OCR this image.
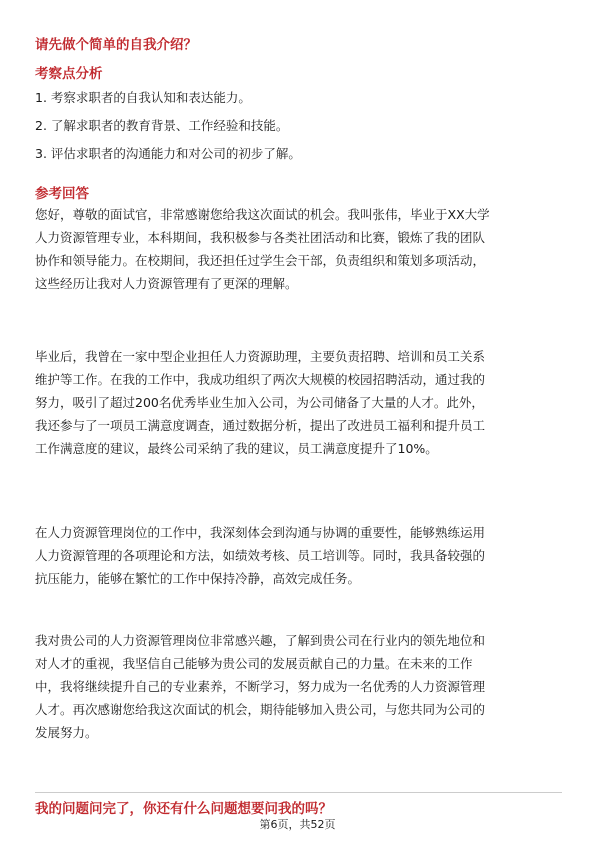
请先做个简单的自我介绍？
考察点分析
1. 考察求职者的自我认知和表达能力。
2. 了解求职者的教育背景、工作经验和技能。
3. 评估求职者的沟通能力和对公司的初步了解。
参考回答
您好，尊敬的面试官，非常感谢您给我这次面试的机会。我叫张伟，毕业于XX大学
人力资源管理专业，本科期间，我积极参与各类社团活动和比赛，锻炼了我的团队
协作和领导能力。在校期间，我还担任过学生会干部，负责组织和策划多项活动，
这些经历让我对人力资源管理有了更深的理解。
毕业后，我曾在一家中型企业担任人力资源助理，主要负责招聘、培训和员工关系
维护等工作。在我的工作中，我成功组织了两次大规模的校园招聘活动，通过我的
努力，吸引了超过200名优秀毕业生加入公司，为公司储备了大量的人才。此外，
我还参与了一项员工满意度调查，通过数据分析，提出了改进员工福利和提升员工
工作满意度的建议，最终公司采纳了我的建议，员工满意度提升了10%。
在人力资源管理岗位的工作中，我深刻体会到沟通与协调的重要性，能够熟练运用
人力资源管理的各项理论和方法，如绩效考核、员工培训等。同时，我具备较强的
抗压能力，能够在繁忙的工作中保持冷静，高效完成任务。
我对贵公司的人力资源管理岗位非常感兴趣，了解到贵公司在行业内的领先地位和
对人才的重视，我坚信自己能够为贵公司的发展贡献自己的力量。在未来的工作
中，我将继续提升自己的专业素养，不断学习，努力成为一名优秀的人力资源管理
人才。再次感谢您给我这次面试的机会，期待能够加入贵公司，与您共同为公司的
发展努力。
我的问题问完了，你还有什么问题想要问我的吗？
第6页，共52页
